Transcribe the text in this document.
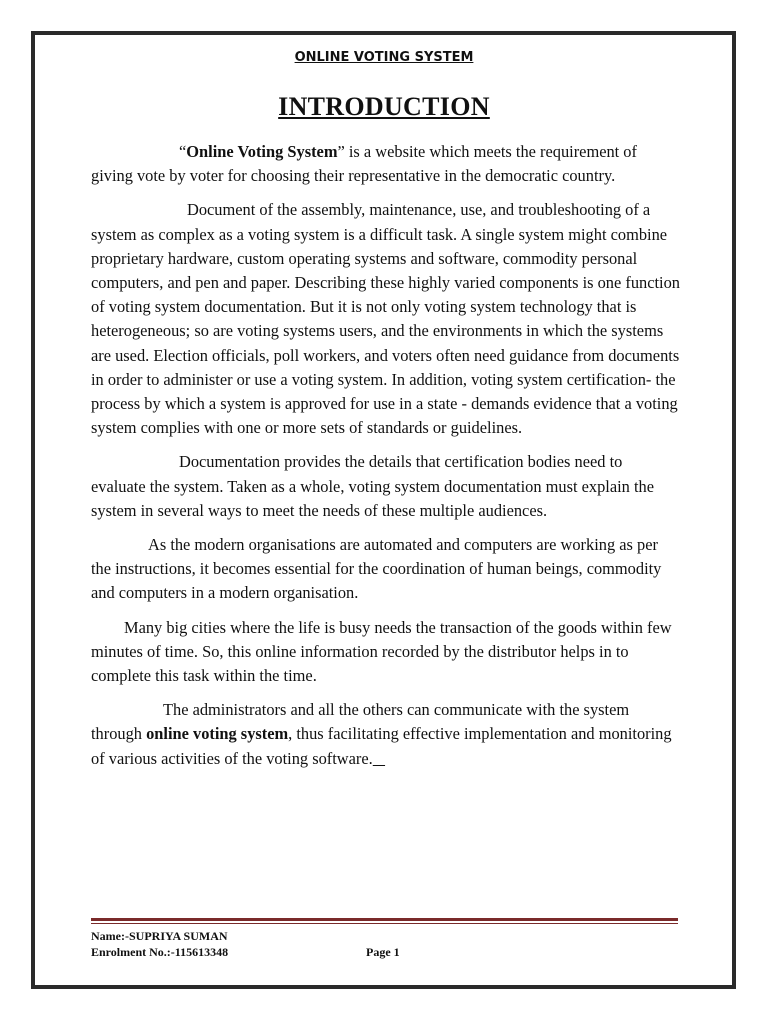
ONLINE VOTING SYSTEM
INTRODUCTION

“Online Voting System” is a website which meets the requirement of giving vote by voter for choosing their representative in the democratic country.

Document of the assembly, maintenance, use, and troubleshooting of a system as complex as a voting system is a difficult task. A single system might combine proprietary hardware, custom operating systems and software, commodity personal computers, and pen and paper. Describing these highly varied components is one function of voting system documentation. But it is not only voting system technology that is heterogeneous; so are voting systems users, and the environments in which the systems are used. Election officials, poll workers, and voters often need guidance from documents in order to administer or use a voting system. In addition, voting system certification- the process by which a system is approved for use in a state - demands evidence that a voting system complies with one or more sets of standards or guidelines.

Documentation provides the details that certification bodies need to evaluate the system. Taken as a whole, voting system documentation must explain the system in several ways to meet the needs of these multiple audiences.

As the modern organisations are automated and computers are working as per the instructions, it becomes essential for the coordination of human beings, commodity and computers in a modern organisation.

Many big cities where the life is busy needs the transaction of the goods within few minutes of time. So, this online information recorded by the distributor helps in to complete this task within the time.

The administrators and all the others can communicate with the system through online voting system, thus facilitating effective implementation and monitoring of various activities of the voting software.

Name:-SUPRIYA SUMAN
Enrolment No.:-115613348	Page 1
